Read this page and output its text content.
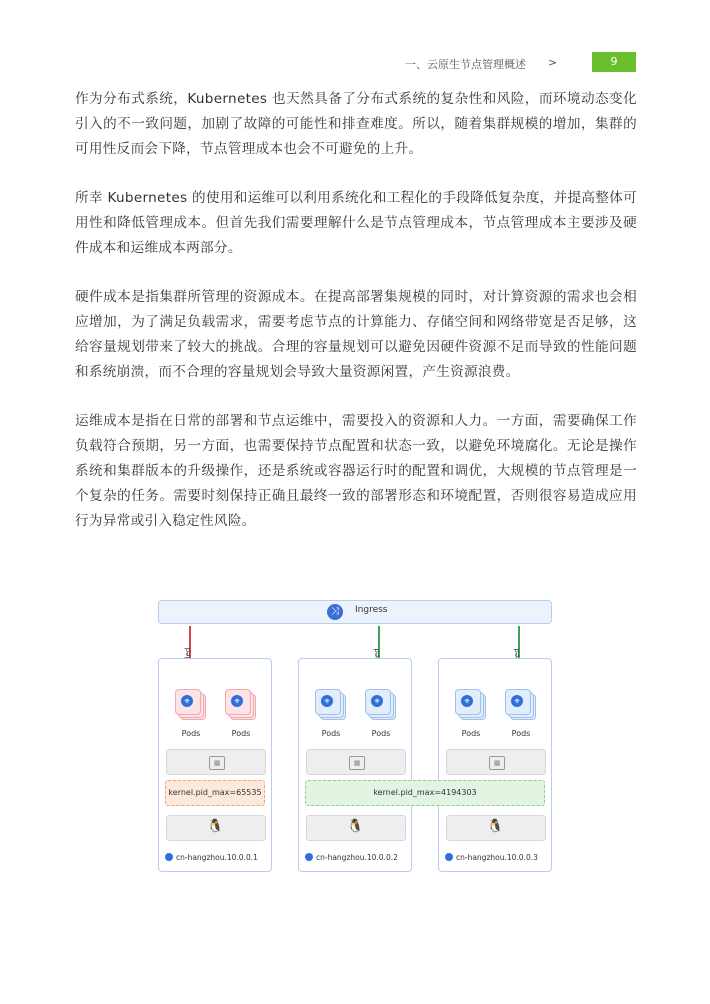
一、云原生节点管理概述 >	9

作为分布式系统，Kubernetes 也天然具备了分布式系统的复杂性和风险，而环境动态变化引入的不一致问题，加剧了故障的可能性和排查难度。所以，随着集群规模的增加，集群的可用性反而会下降，节点管理成本也会不可避免的上升。

所幸 Kubernetes 的使用和运维可以利用系统化和工程化的手段降低复杂度，并提高整体可用性和降低管理成本。但首先我们需要理解什么是节点管理成本，节点管理成本主要涉及硬件成本和运维成本两部分。

硬件成本是指集群所管理的资源成本。在提高部署集规模的同时，对计算资源的需求也会相应增加，为了满足负载需求，需要考虑节点的计算能力、存储空间和网络带宽是否足够，这给容量规划带来了较大的挑战。合理的容量规划可以避免因硬件资源不足而导致的性能问题和系统崩溃，而不合理的容量规划会导致大量资源闲置，产生资源浪费。

运维成本是指在日常的部署和节点运维中，需要投入的资源和人力。一方面，需要确保工作负载符合预期，另一方面，也需要保持节点配置和状态一致，以避免环境腐化。无论是操作系统和集群版本的升级操作，还是系统或容器运行时的配置和调优，大规模的节点管理是一个复杂的任务。需要时刻保持正确且最终一致的部署形态和环境配置，否则很容易造成应用行为异常或引入稳定性风险。

⤨	Ingress
⎈	⎈
Pods	Pods
▦
🐧
cn-hangzhou.10.0.0.1
⎈	⎈
Pods	Pods
▦
🐧
cn-hangzhou.10.0.0.2
⎈	⎈
Pods	Pods
▦
🐧
cn-hangzhou.10.0.0.3
kernel.pid_max=65535	kernel.pid_max=4194303
